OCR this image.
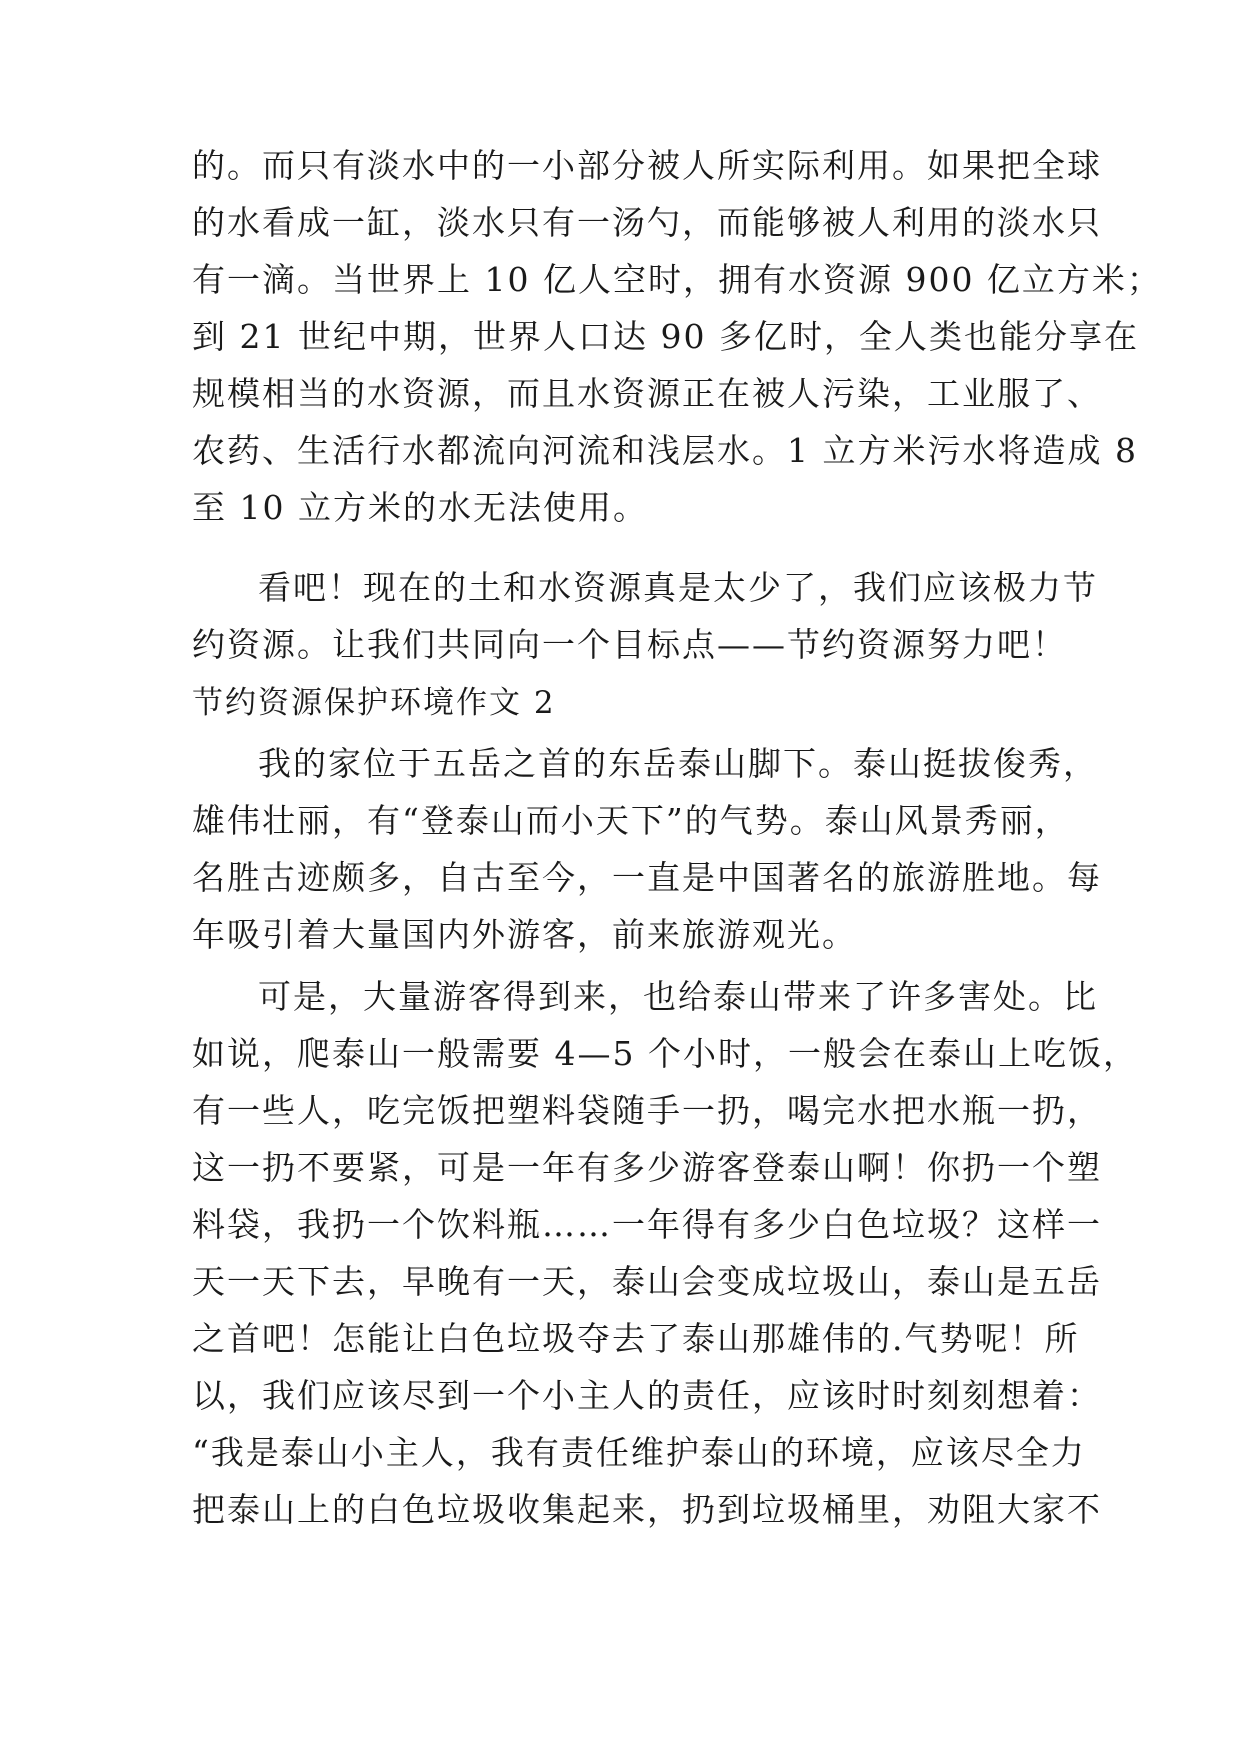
的。而只有淡水中的一小部分被人所实际利用。如果把全球
的水看成一缸，淡水只有一汤勺，而能够被人利用的淡水只
有一滴。当世界上 10 亿人空时，拥有水资源 900 亿立方米；
到 21 世纪中期，世界人口达 90 多亿时，全人类也能分享在
规模相当的水资源，而且水资源正在被人污染，工业服了、
农药、生活行水都流向河流和浅层水。1 立方米污水将造成 8
至 10 立方米的水无法使用。
看吧！现在的土和水资源真是太少了，我们应该极力节
约资源。让我们共同向一个目标点——节约资源努力吧！
节约资源保护环境作文 2
我的家位于五岳之首的东岳泰山脚下。泰山挺拔俊秀，
雄伟壮丽，有“登泰山而小天下”的气势。泰山风景秀丽，
名胜古迹颇多，自古至今，一直是中国著名的旅游胜地。每
年吸引着大量国内外游客，前来旅游观光。
可是，大量游客得到来，也给泰山带来了许多害处。比
如说，爬泰山一般需要 4—5 个小时，一般会在泰山上吃饭，
有一些人，吃完饭把塑料袋随手一扔，喝完水把水瓶一扔，
这一扔不要紧，可是一年有多少游客登泰山啊！你扔一个塑
料袋，我扔一个饮料瓶……一年得有多少白色垃圾？这样一
天一天下去，早晚有一天，泰山会变成垃圾山，泰山是五岳
之首吧！怎能让白色垃圾夺去了泰山那雄伟的.气势呢！所
以，我们应该尽到一个小主人的责任，应该时时刻刻想着：
“我是泰山小主人，我有责任维护泰山的环境，应该尽全力
把泰山上的白色垃圾收集起来，扔到垃圾桶里，劝阻大家不
